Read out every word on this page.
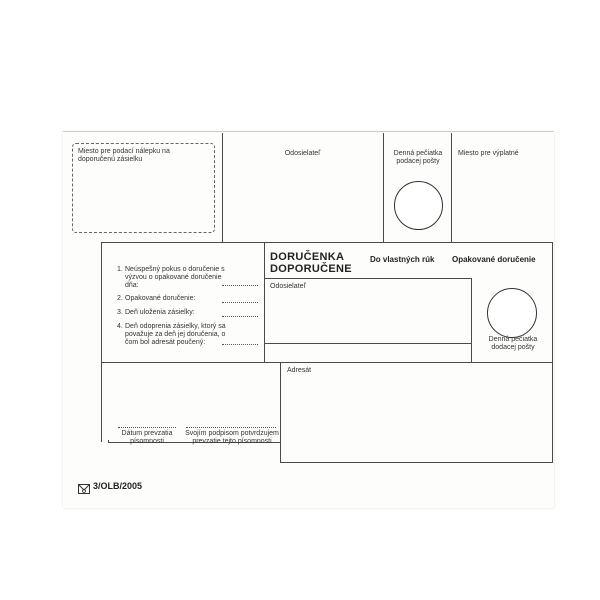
Miesto pre podací nálepku na doporučenú zásielku
Odosielateľ	Denná pečiatka podacej pošty
Miesto pre výplatné
DORUČENKA
DOPORUČENE
Do vlastných rúk Opakované doručenie
Odosielateľ
Denná pečiatka dodacej pošty
1. Neúspešný pokus o doručenie s výzvou o opakované doručenie dňa:
2. Opakované doručenie:
3. Deň uloženia zásielky:
4. Deň odoprenia zásielky, ktorý sa považuje za deň jej doručenia, o čom bol adresát poučený:
Adresát
Dátum prevzatia písomnosti
Svojím podpisom potvrdzujem prevzatie tejto písomnosti
3/OLB/2005
